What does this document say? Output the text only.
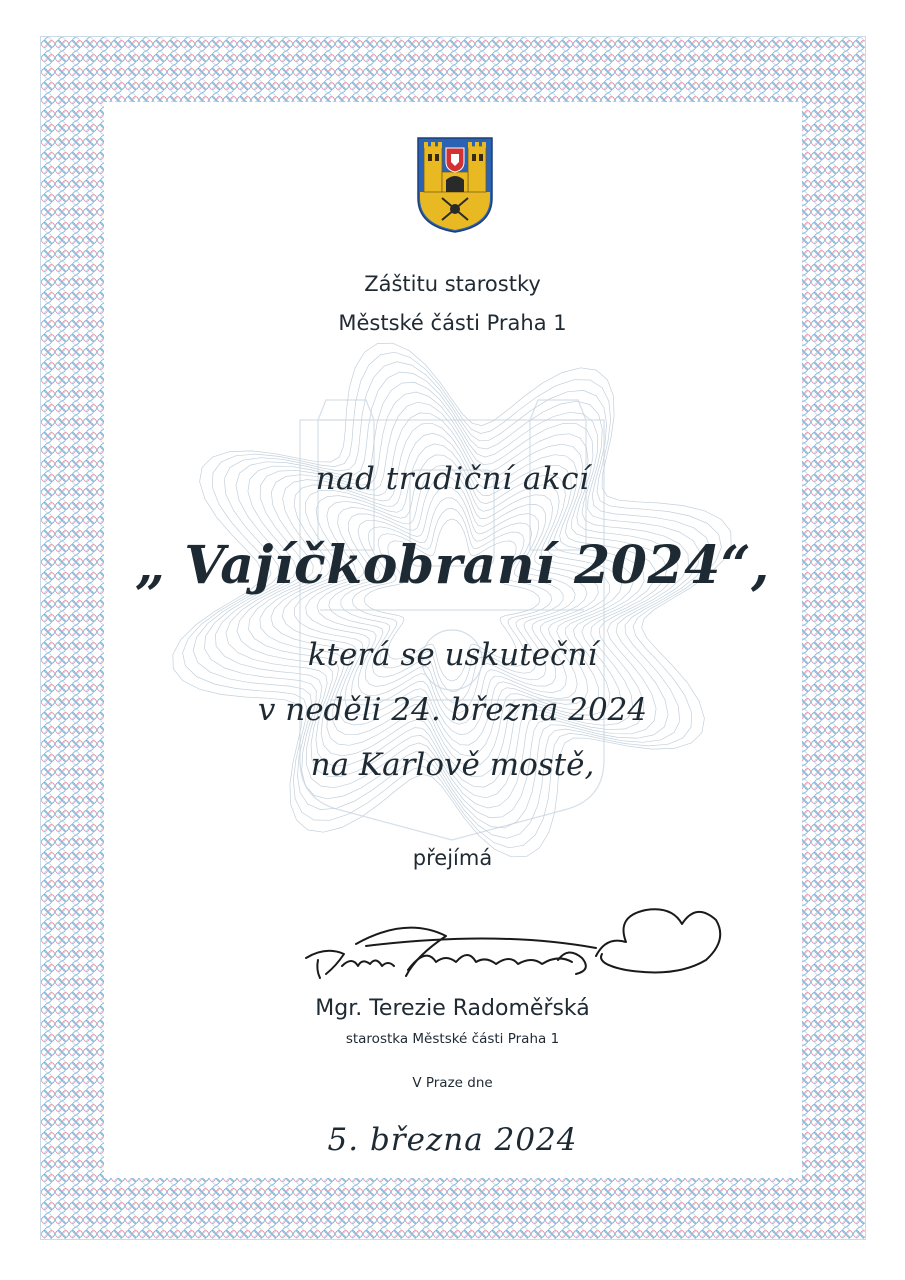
Záštitu starostky
Městské části Praha 1
nad tradiční akcí
„ Vajíčkobraní 2024“,
která se uskuteční
v neděli 24. března 2024
na Karlově mostě,
přejímá
Mgr. Terezie Radoměřská
starostka Městské části Praha 1
V Praze dne
5. března 2024
